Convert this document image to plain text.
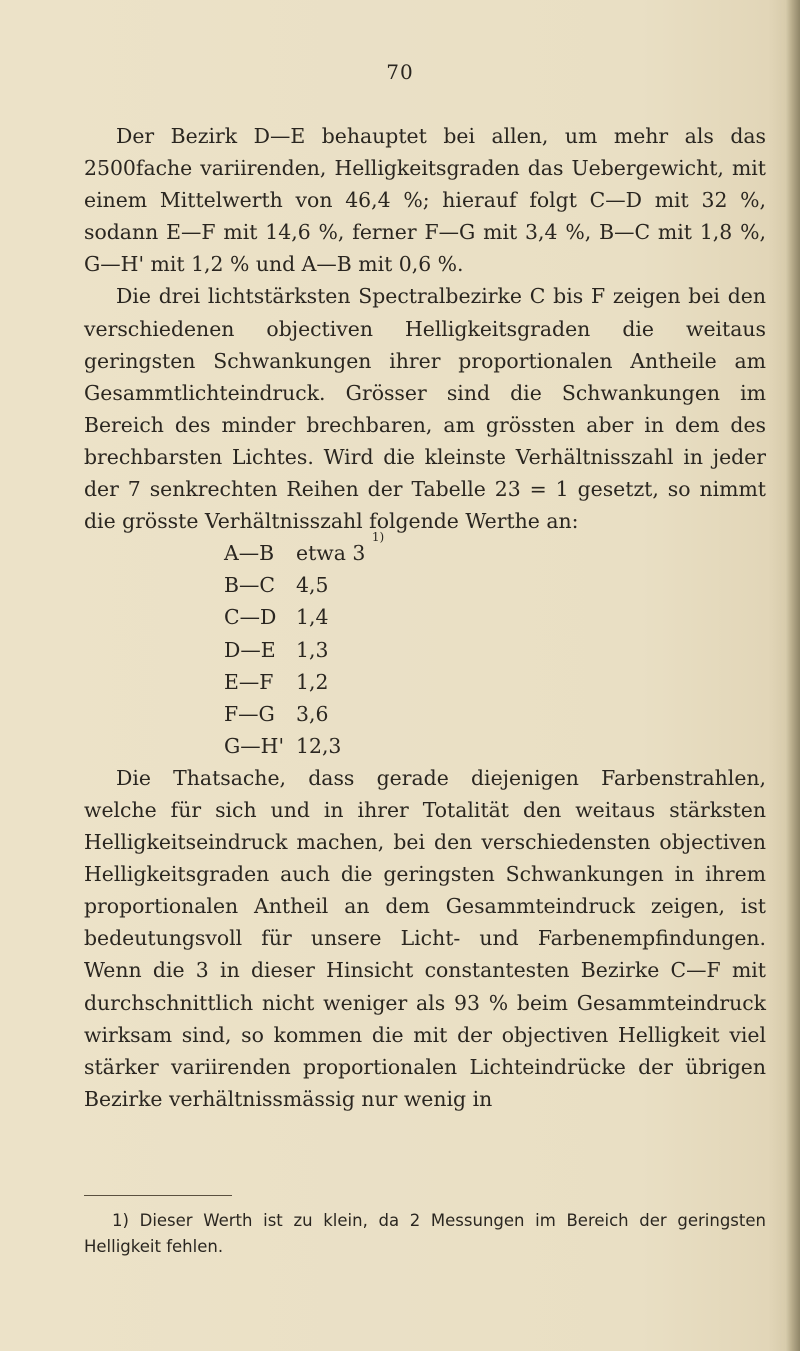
70

Der Bezirk D—E behauptet bei allen, um mehr als das 2500fache variirenden, Helligkeitsgraden das Uebergewicht, mit einem Mittelwerth von 46,4 %; hierauf folgt C—D mit 32 %, sodann E—F mit 14,6 %, ferner F—G mit 3,4 %, B—C mit 1,8 %, G—H' mit 1,2 % und A—B mit 0,6 %.

Die drei lichtstärksten Spectralbezirke C bis F zeigen bei den verschiedenen objectiven Helligkeitsgraden die weitaus geringsten Schwankungen ihrer proportionalen Antheile am Gesammtlichteindruck. Grösser sind die Schwankungen im Bereich des minder brechbaren, am grössten aber in dem des brechbarsten Lichtes. Wird die kleinste Verhältnisszahl in jeder der 7 senkrechten Reihen der Tabelle 23 = 1 gesetzt, so nimmt die grösste Verhältnisszahl folgende Werthe an:

A—B	etwa 3

1)
B—C	4,5
C—D 1,4
D—E 1,3
E—F	1,2
F—G	3,6
G—H' 12,3

Die Thatsache, dass gerade diejenigen Farbenstrahlen, welche für sich und in ihrer Totalität den weitaus stärksten Helligkeitseindruck machen, bei den verschiedensten objectiven Helligkeitsgraden auch die geringsten Schwankungen in ihrem proportionalen Antheil an dem Gesammteindruck zeigen, ist bedeutungsvoll für unsere Licht- und Farbenempfindungen. Wenn die 3 in dieser Hinsicht constantesten Bezirke C—F mit durchschnittlich nicht weniger als 93 % beim Gesammteindruck wirksam sind, so kommen die mit der objectiven Helligkeit viel stärker variirenden proportionalen Lichteindrücke der übrigen Bezirke verhältnissmässig nur wenig in

1) Dieser Werth ist zu klein, da 2 Messungen im Bereich der geringsten Helligkeit fehlen.
